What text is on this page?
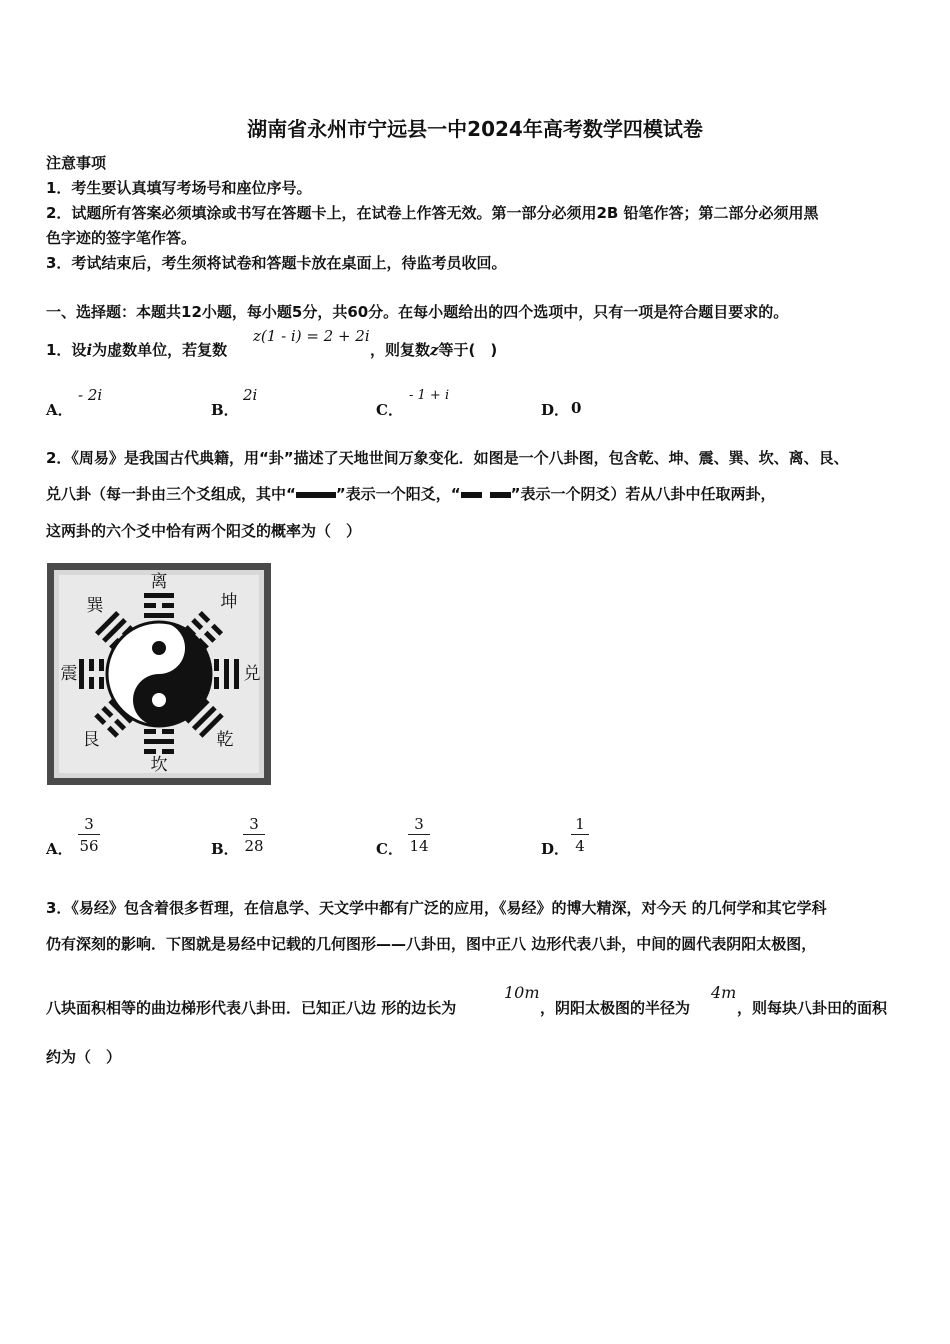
湖南省永州市宁远县一中2024年高考数学四模试卷
注意事项
1．考生要认真填写考场号和座位序号。
2．试题所有答案必须填涂或书写在答题卡上，在试卷上作答无效。第一部分必须用2B 铅笔作答；第二部分必须用黑
色字迹的签字笔作答。
3．考试结束后，考生须将试卷和答题卡放在桌面上，待监考员收回。
一、选择题：本题共12小题，每小题5分，共60分。在每小题给出的四个选项中，只有一项是符合题目要求的。
1．设i为虚数单位，若复数
z(1 - i) = 2 + 2i
，则复数z等于(　)
A．
- 2i
B．
2i
C．
- 1 + i
D． 0
2．《周易》是我国古代典籍，用“卦”描述了天地世间万象变化．如图是一个八卦图，包含乾、坤、震、巽、坎、离、艮、
兑八卦（每一卦由三个爻组成，其中“	”表示一个阳爻，“	”表示一个阴爻）若从八卦中任取两卦，
这两卦的六个爻中恰有两个阳爻的概率为（　）
离
坤
兑
乾
坎
艮
震
巽
A．
3
56	B．
3
28	C．
3
14	D．
1
4
3．《易经》包含着很多哲理，在信息学、天文学中都有广泛的应用，《易经》的博大精深，对今天 的几何学和其它学科
仍有深刻的影响．下图就是易经中记载的几何图形——八卦田，图中正八 边形代表八卦，中间的圆代表阴阳太极图，
八块面积相等的曲边梯形代表八卦田．已知正八边 形的边长为
10m
，阴阳太极图的半径为
4m
，则每块八卦田的面积
约为（　）
